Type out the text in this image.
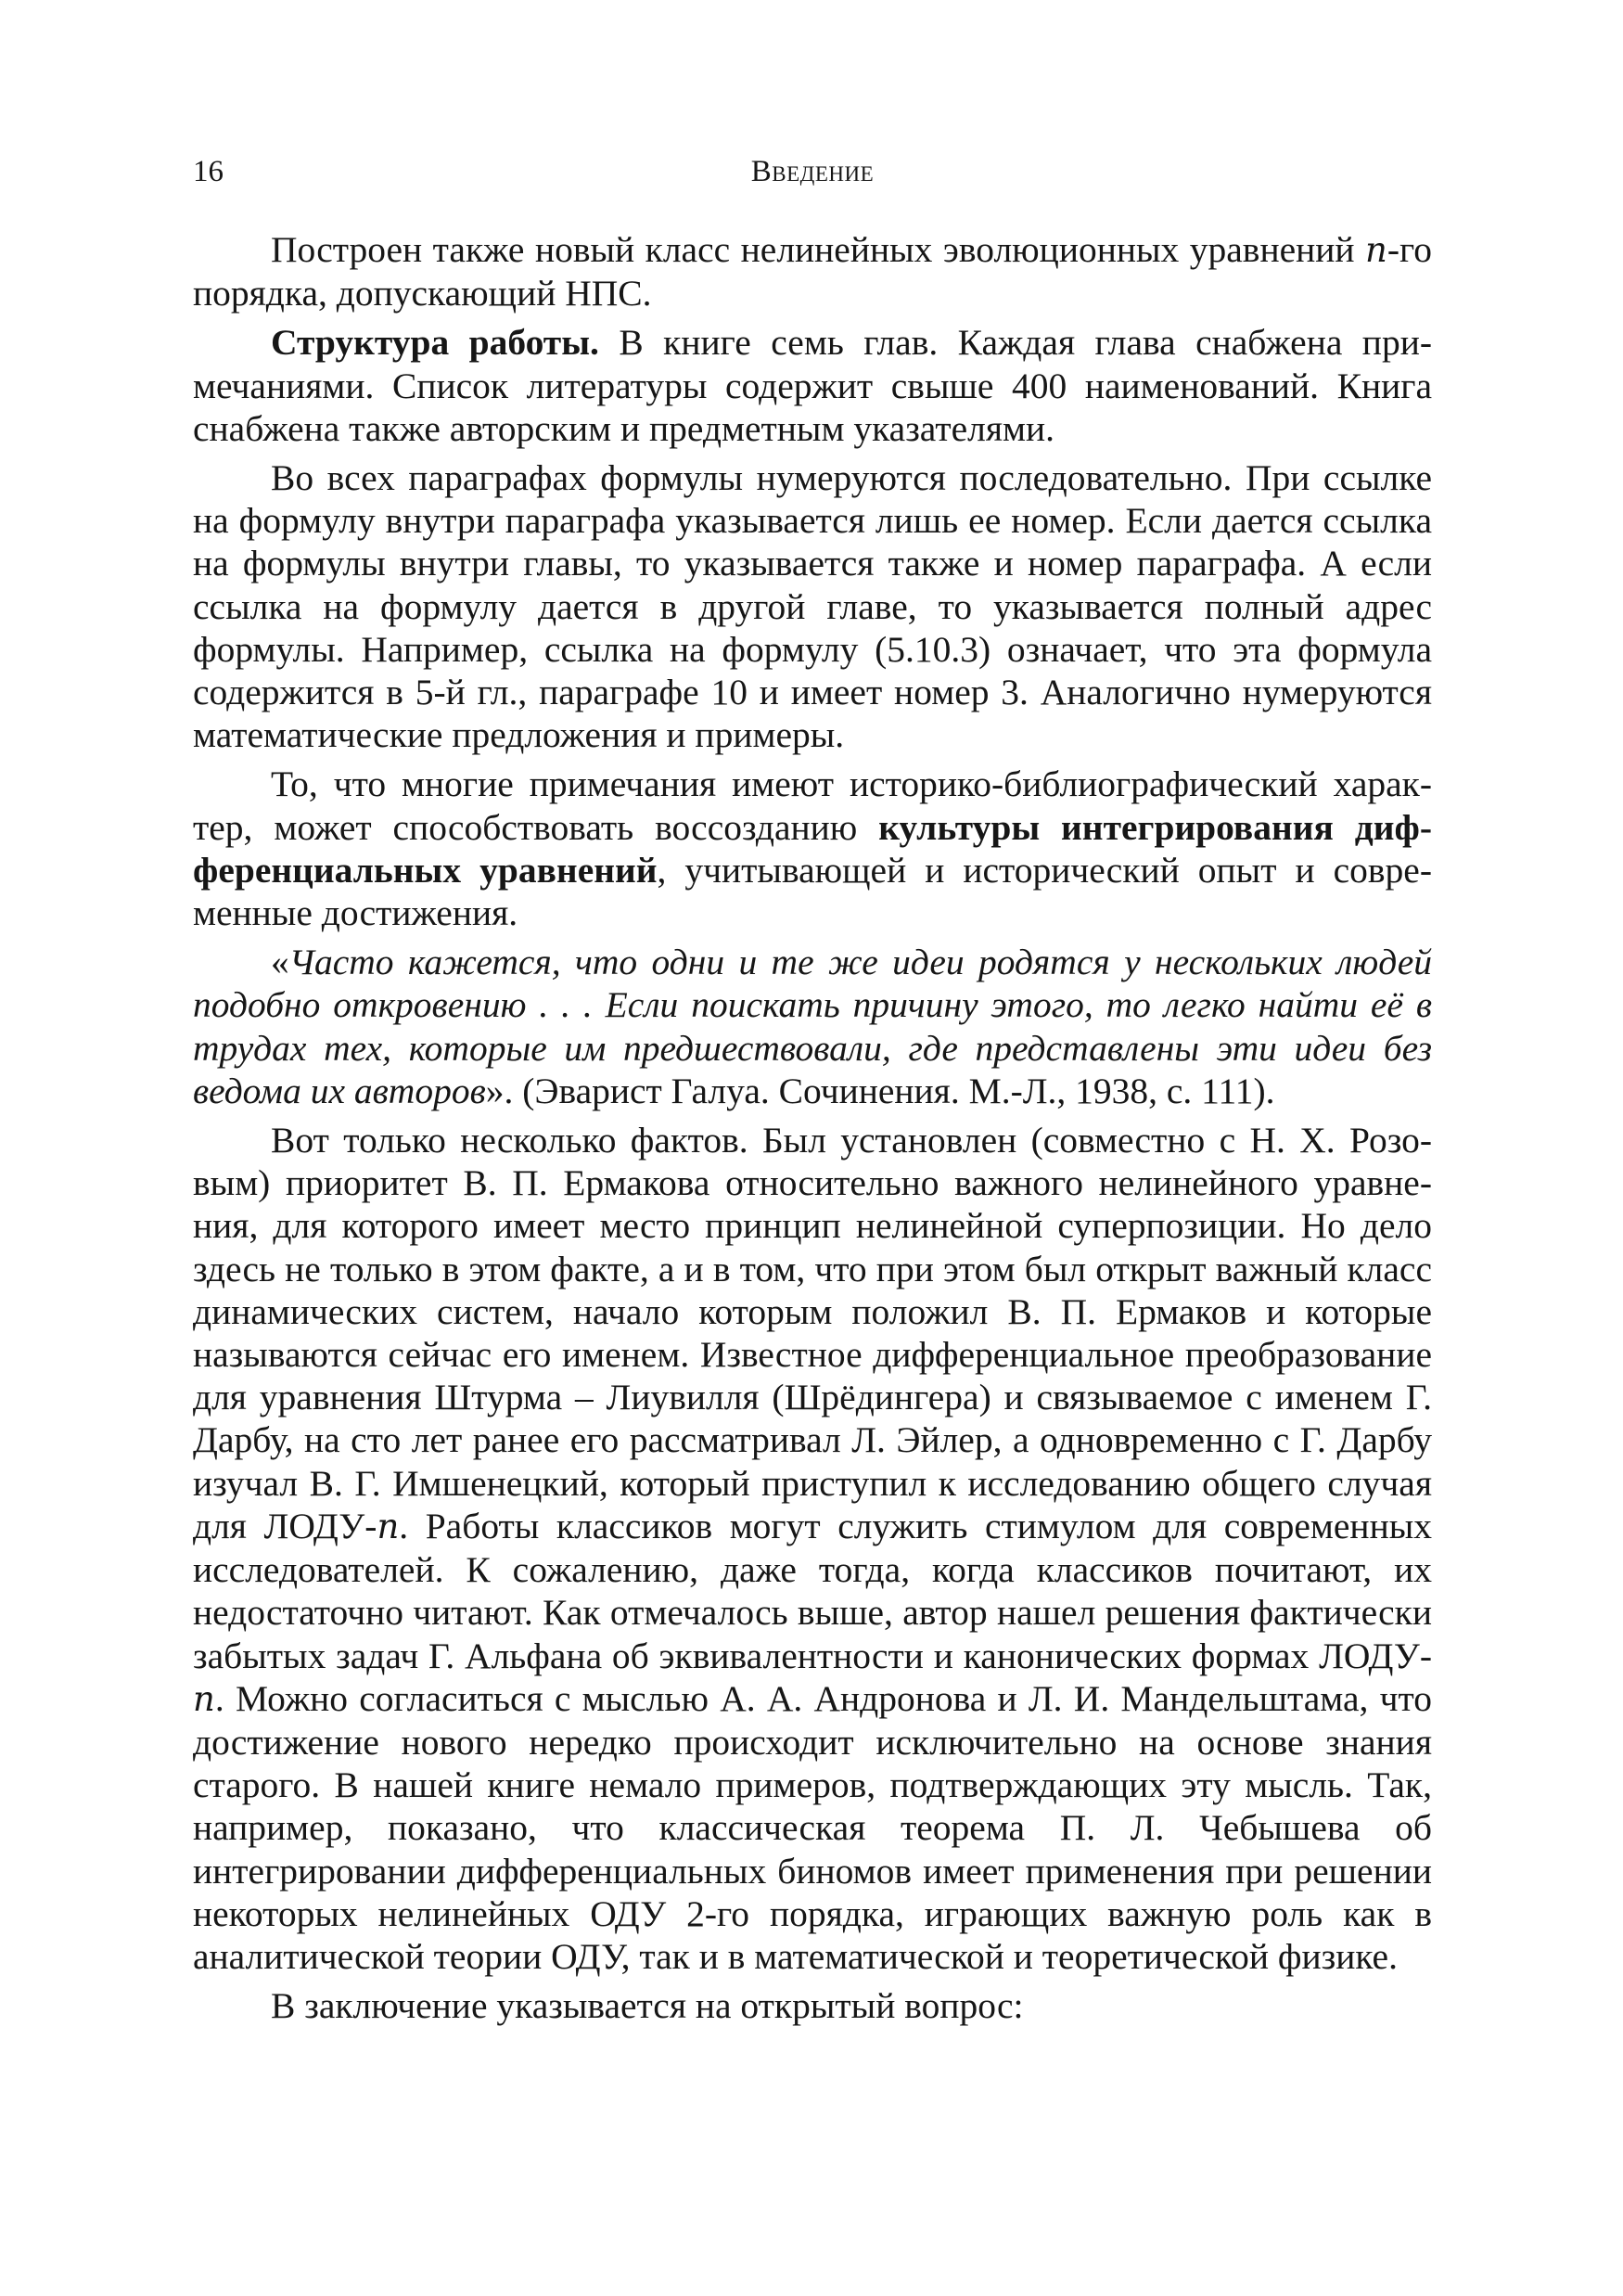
16	Введение

Построен также новый класс нелинейных эволюционных уравнений n-го порядка, допускающий НПС.

Структура работы. В книге семь глав. Каждая глава снабжена примечаниями. Список литературы содержит свыше 400 наименований. Книга снабжена также авторским и предметным указателями.

Во всех параграфах формулы нумеруются последовательно. При ссылке на формулу внутри параграфа указывается лишь ее номер. Если дается ссылка на формулы внутри главы, то указывается также и номер параграфа. А если ссылка на формулу дается в другой главе, то указывается полный адрес формулы. Например, ссылка на формулу (5.10.3) означает, что эта формула содержится в 5-й гл., параграфе 10 и имеет номер 3. Аналогично нумеруются математические предложения и примеры.

То, что многие примечания имеют историко-библиографический характер, может способствовать воссозданию культуры интегрирования дифференциальных уравнений, учитывающей и исторический опыт и современные достижения.

«Часто кажется, что одни и те же идеи родятся у нескольких людей подобно откровению . . . Если поискать причину этого, то легко найти её в трудах тех, которые им предшествовали, где представлены эти идеи без ведома их авторов». (Эварист Галуа. Сочинения. М.-Л., 1938, с. 111).

Вот только несколько фактов. Был установлен (совместно с Н. Х. Розовым) приоритет В. П. Ермакова относительно важного нелинейного уравнения, для которого имеет место принцип нелинейной суперпозиции. Но дело здесь не только в этом факте, а и в том, что при этом был открыт важный класс динамических систем, начало которым положил В. П. Ермаков и которые называются сейчас его именем. Известное дифференциальное преобразование для уравнения Штурма – Лиувилля (Шрёдингера) и связываемое с именем Г. Дарбу, на сто лет ранее его рассматривал Л. Эйлер, а одновременно с Г. Дарбу изучал В. Г. Имшенецкий, который приступил к исследованию общего случая для ЛОДУ-n. Работы классиков могут служить стимулом для современных исследователей. К сожалению, даже тогда, когда классиков почитают, их недостаточно читают. Как отмечалось выше, автор нашел решения фактически забытых задач Г. Альфана об эквивалентности и канонических формах ЛОДУ-n. Можно согласиться с мыслью А. А. Андронова и Л. И. Мандельштама, что достижение нового нередко происходит исключительно на основе знания старого. В нашей книге немало примеров, подтверждающих эту мысль. Так, например, показано, что классическая теорема П. Л. Чебышева об интегрировании дифференциальных биномов имеет применения при решении некоторых нелинейных ОДУ 2-го порядка, играющих важную роль как в аналитической теории ОДУ, так и в математической и теоретической физике.

В заключение указывается на открытый вопрос:
